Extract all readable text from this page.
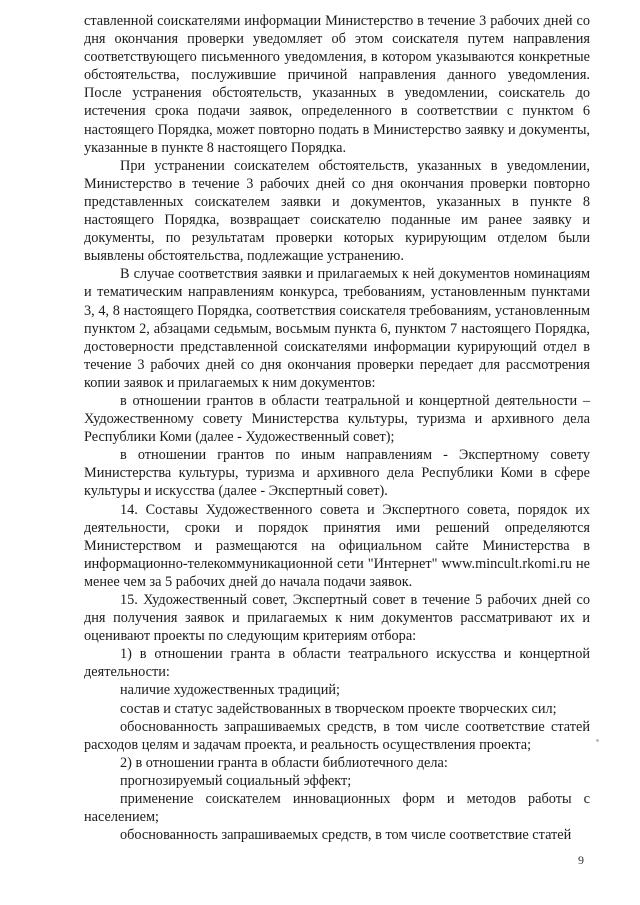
ставленной соискателями информации Министерство в течение 3 рабочих дней со дня окончания проверки уведомляет об этом соискателя путем направления соответствующего письменного уведомления, в котором указываются конкретные обстоятельства, послужившие причиной направления данного уведомления. После устранения обстоятельств, указанных в уведомлении, соискатель до истечения срока подачи заявок, определенного в соответствии с пунктом 6 настоящего Порядка, может повторно подать в Министерство заявку и документы, указанные в пункте 8 настоящего Порядка.

При устранении соискателем обстоятельств, указанных в уведомлении, Министерство в течение 3 рабочих дней со дня окончания проверки повторно представленных соискателем заявки и документов, указанных в пункте 8 настоящего Порядка, возвращает соискателю поданные им ранее заявку и документы, по результатам проверки которых курирующим отделом были выявлены обстоятельства, подлежащие устранению.

В случае соответствия заявки и прилагаемых к ней документов номинациям и тематическим направлениям конкурса, требованиям, установленным пунктами 3, 4, 8 настоящего Порядка, соответствия соискателя требованиям, установленным пунктом 2, абзацами седьмым, восьмым пункта 6, пунктом 7 настоящего Порядка, достоверности представленной соискателями информации курирующий отдел в течение 3 рабочих дней со дня окончания проверки передает для рассмотрения копии заявок и прилагаемых к ним документов:

в отношении грантов в области театральной и концертной деятельности – Художественному совету Министерства культуры, туризма и архивного дела Республики Коми (далее - Художественный совет);

в отношении грантов по иным направлениям - Экспертному совету Министерства культуры, туризма и архивного дела Республики Коми в сфере культуры и искусства (далее - Экспертный совет).

14. Составы Художественного совета и Экспертного совета, порядок их деятельности, сроки и порядок принятия ими решений определяются Министерством и размещаются на официальном сайте Министерства в информационно-телекоммуникационной сети "Интернет" www.mincult.rkomi.ru не менее чем за 5 рабочих дней до начала подачи заявок.

15. Художественный совет, Экспертный совет в течение 5 рабочих дней со дня получения заявок и прилагаемых к ним документов рассматривают их и оценивают проекты по следующим критериям отбора:

1) в отношении гранта в области театрального искусства и концертной деятельности:

наличие художественных традиций;

состав и статус задействованных в творческом проекте творческих сил;

обоснованность запрашиваемых средств, в том числе соответствие статей расходов целям и задачам проекта, и реальность осуществления проекта;

2) в отношении гранта в области библиотечного дела:

прогнозируемый социальный эффект;

применение соискателем инновационных форм и методов работы с населением;

обоснованность запрашиваемых средств, в том числе соответствие статей

9
